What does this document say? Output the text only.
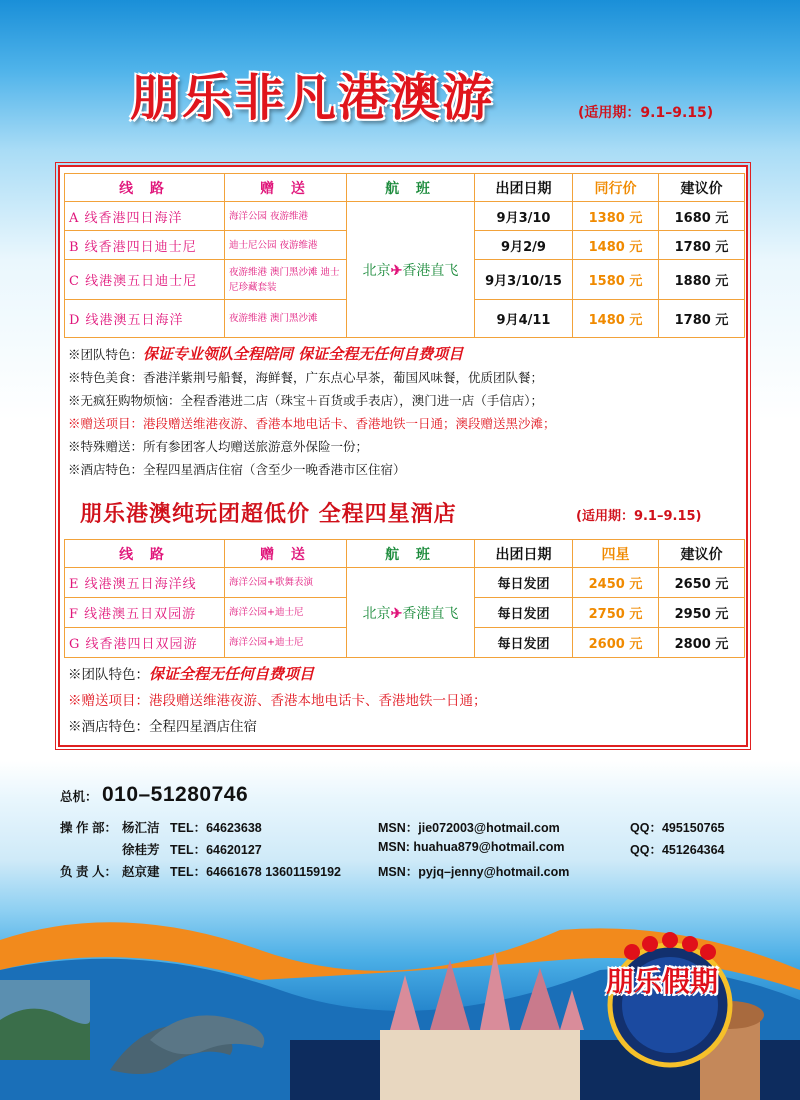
朋乐非凡港澳游	(适用期：9.1–9.15)
线 路	赠 送	航 班	出团日期	同行价	建议价
A 线香港四日海洋	海洋公园 夜游维港	北京✈香港直飞	9月3/10	1380 元	1680 元
B 线香港四日迪士尼	迪士尼公园 夜游维港		9月2/9	1480 元	1780 元
C 线港澳五日迪士尼	夜游维港 澳门黑沙滩 迪士尼珍藏套装		9月3/10/15	1580 元	1880 元
D 线港澳五日海洋	夜游维港 澳门黑沙滩		9月4/11	1480 元	1780 元
※团队特色：保证专业领队全程陪同 保证全程无任何自费项目
※特色美食：香港洋紫荆号船餐，海鲜餐，广东点心早茶，葡国风味餐，优质团队餐；
※无疯狂购物烦恼：全程香港进二店（珠宝＋百货或手表店），澳门进一店（手信店）；
※赠送项目：港段赠送维港夜游、香港本地电话卡、香港地铁一日通；澳段赠送黑沙滩；
※特殊赠送：所有参团客人均赠送旅游意外保险一份；
※酒店特色：全程四星酒店住宿（含至少一晚香港市区住宿）
朋乐港澳纯玩团超低价 全程四星酒店	(适用期：9.1–9.15)
线 路	赠 送	航 班	出团日期	四星	建议价
E 线港澳五日海洋线	海洋公园+歌舞表演	北京✈香港直飞	每日发团	2450 元	2650 元
F 线港澳五日双园游	海洋公园+迪士尼		每日发团	2750 元	2950 元
G 线香港四日双园游	海洋公园+迪士尼		每日发团	2600 元	2800 元
※团队特色：保证全程无任何自费项目
※赠送项目：港段赠送维港夜游、香港本地电话卡、香港地铁一日通；
※酒店特色：全程四星酒店住宿
总机： 010–51280746
操 作 部： 杨汇洁 TEL：64623638	MSN：jie072003@hotmail.com	QQ：495150765
徐桂芳 TEL：64620127	MSN: huahua879@hotmail.com	QQ：451264364
负 责 人： 赵京建 TEL：64661678 13601159192	MSN：pyjq–jenny@hotmail.com
朋乐假期
